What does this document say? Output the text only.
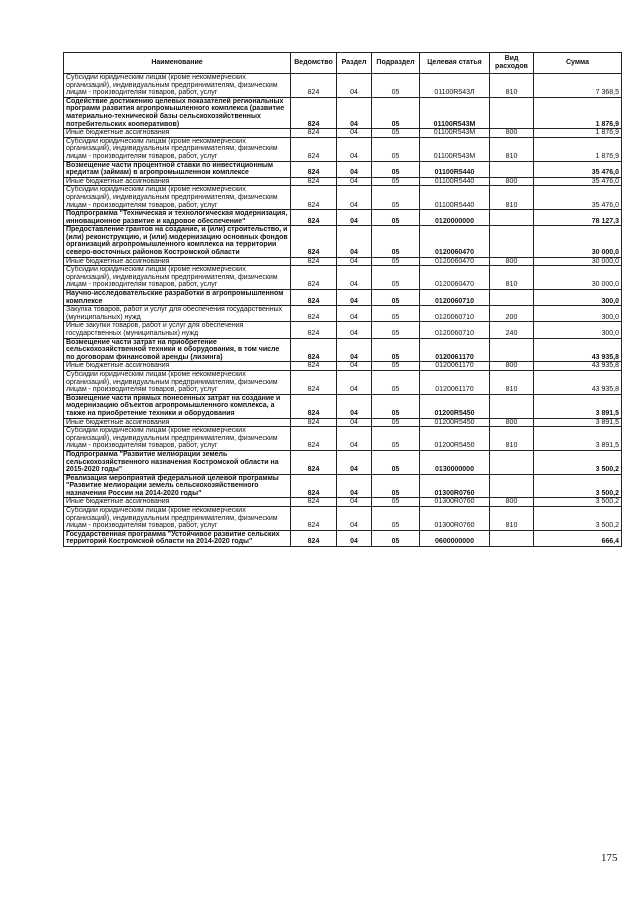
Наименование	Ведомство	Раздел	Подраздел	Целевая статья	Вид расходов	Сумма
Субсидии юридическим лицам (кроме некоммерческих организаций), индивидуальным предпринимателям, физическим лицам - производителям товаров, работ, услуг	824	04	05	01100R543Л	810	7 368,5
Содействие достижению целевых показателей региональных программ развития агропромышленного комплекса (развитие материально-технической базы сельскохозяйственных потребительских кооперативов)	824	04	05	01100R543M		1 876,9
Иные бюджетные ассигнования	824	04	05	01100R543M	800	1 876,9
Субсидии юридическим лицам (кроме некоммерческих организаций), индивидуальным предпринимателям, физическим лицам - производителям товаров, работ, услуг	824	04	05	01100R543M	810	1 876,9
Возмещение части процентной ставки по инвестиционным кредитам (займам) в агропромышленном комплексе	824	04	05	01100R5440		35 476,0
Иные бюджетные ассигнования	824	04	05	01100R5440	800	35 476,0
Субсидии юридическим лицам (кроме некоммерческих организаций), индивидуальным предпринимателям, физическим лицам - производителям товаров, работ, услуг	824	04	05	01100R5440	810	35 476,0
Подпрограмма "Техническая и технологическая модернизация, инновационное развитие и кадровое обеспечение"	824	04	05	0120000000		78 127,3
Предоставление грантов на создание, и (или) строительство, и (или) реконструкцию, и (или) модернизацию основных фондов организаций агропромышленного комплекса на территории северо-восточных районов Костромской области	824	04	05	0120060470		30 000,0
Иные бюджетные ассигнования	824	04	05	0120060470	800	30 000,0
Субсидии юридическим лицам (кроме некоммерческих организаций), индивидуальным предпринимателям, физическим лицам - производителям товаров, работ, услуг	824	04	05	0120060470	810	30 000,0
Научно-исследовательские разработки в агропромышленном комплексе	824	04	05	0120060710		300,0
Закупка товаров, работ и услуг для обеспечения государственных (муниципальных) нужд	824	04	05	0120060710	200	300,0
Иные закупки товаров, работ и услуг для обеспечения государственных (муниципальных) нужд	824	04	05	0120060710	240	300,0
Возмещение части затрат на приобретение сельскохозяйственной техники и оборудования, в том числе по договорам финансовой аренды (лизинга)	824	04	05	0120061170		43 935,8
Иные бюджетные ассигнования	824	04	05	0120061170	800	43 935,8
Субсидии юридическим лицам (кроме некоммерческих организаций), индивидуальным предпринимателям, физическим лицам - производителям товаров, работ, услуг	824	04	05	0120061170	810	43 935,8
Возмещение части прямых понесенных затрат на создание и модернизацию объектов агропромышленного комплекса, а также на приобретение техники и оборудования	824	04	05	01200R5450		3 891,5
Иные бюджетные ассигнования	824	04	05	01200R5450	800	3 891,5
Субсидии юридическим лицам (кроме некоммерческих организаций), индивидуальным предпринимателям, физическим лицам - производителям товаров, работ, услуг	824	04	05	01200R5450	810	3 891,5
Подпрограмма "Развитие мелиорации земель сельскохозяйственного назначения Костромской области на 2015-2020 годы"	824	04	05	0130000000		3 500,2
Реализация мероприятий федеральной целевой программы "Развитие мелиорации земель сельскохозяйственного назначения России на 2014-2020 годы"	824	04	05	01300R0760		3 500,2
Иные бюджетные ассигнования	824	04	05	01300R0760	800	3 500,2
Субсидии юридическим лицам (кроме некоммерческих организаций), индивидуальным предпринимателям, физическим лицам - производителям товаров, работ, услуг	824	04	05	01300R0760	810	3 500,2
Государственная программа "Устойчивое развитие сельских территорий Костромской области на 2014-2020 годы"	824	04	05	0600000000		666,4
175
